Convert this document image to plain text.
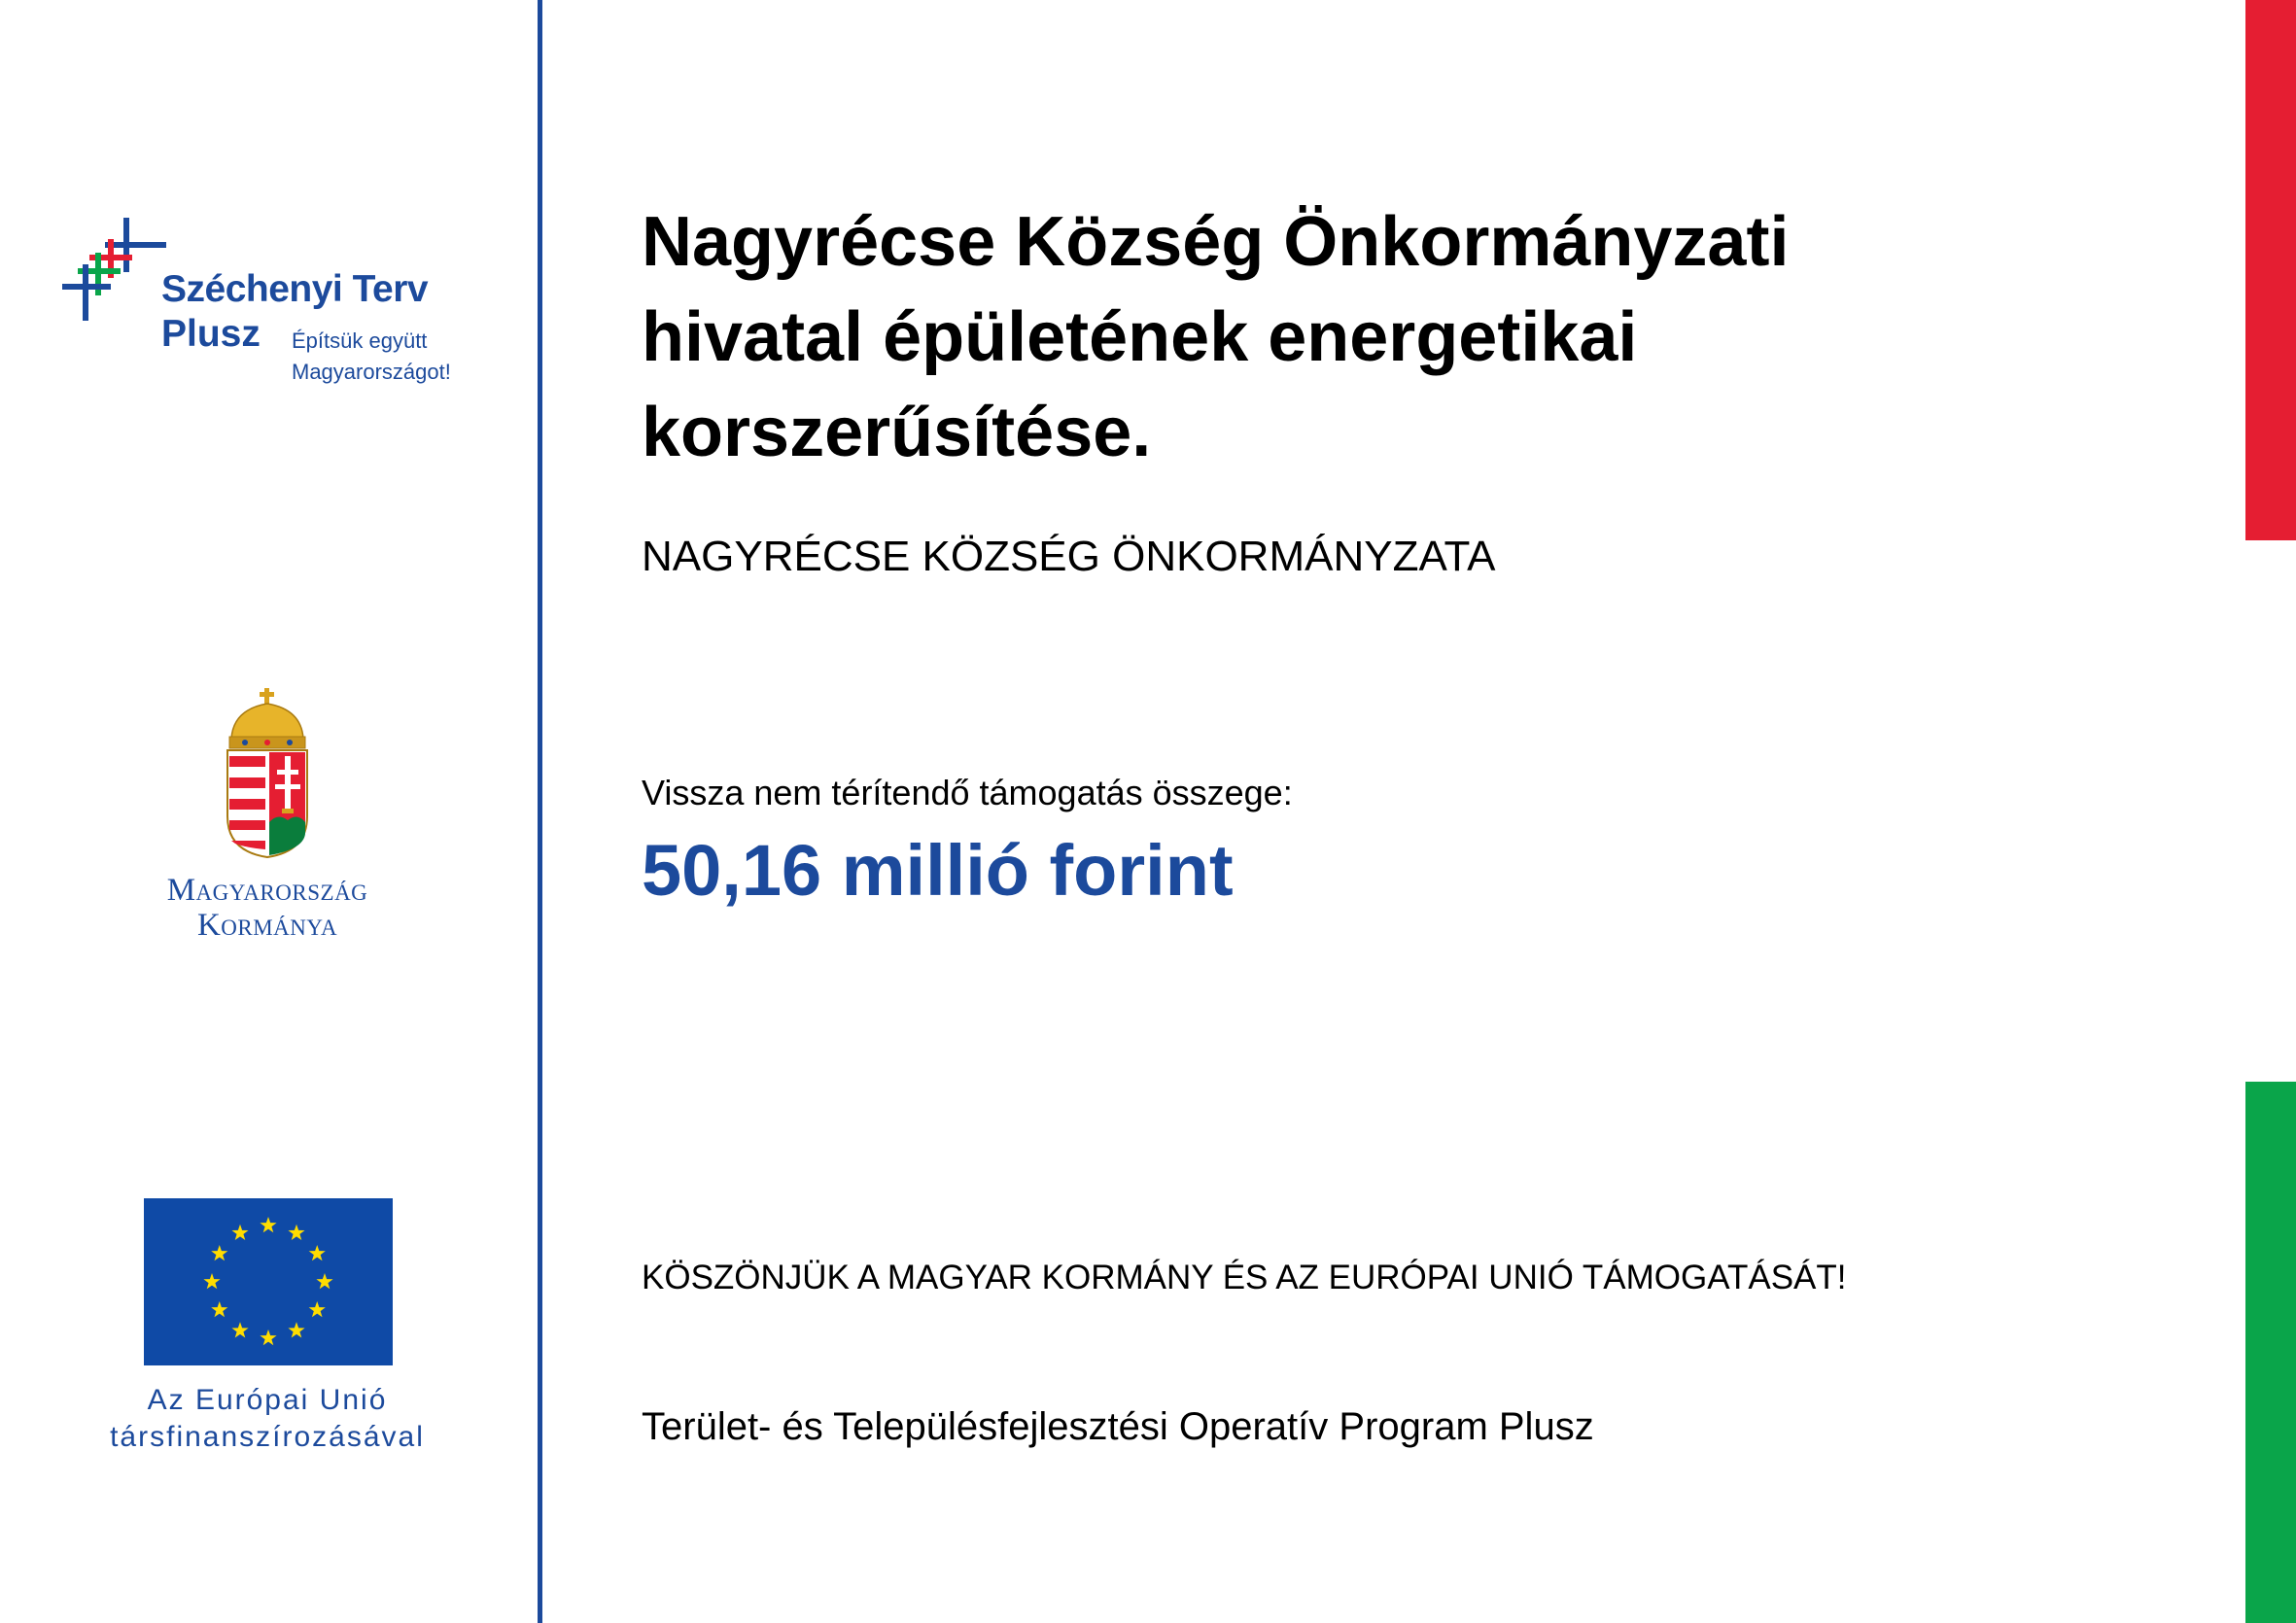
Széchenyi Terv
Plusz Építsük együtt
Magyarországot!
Magyarország
Kormánya
Az Európai Unió
társfinanszírozásával
Nagyrécse Község Önkormányzati
hivatal épületének energetikai
korszerűsítése.
NAGYRÉCSE KÖZSÉG ÖNKORMÁNYZATA
Vissza nem térítendő támogatás összege:
50,16 millió forint
KÖSZÖNJÜK A MAGYAR KORMÁNY ÉS AZ EURÓPAI UNIÓ TÁMOGATÁSÁT!
Terület- és Településfejlesztési Operatív Program Plusz
